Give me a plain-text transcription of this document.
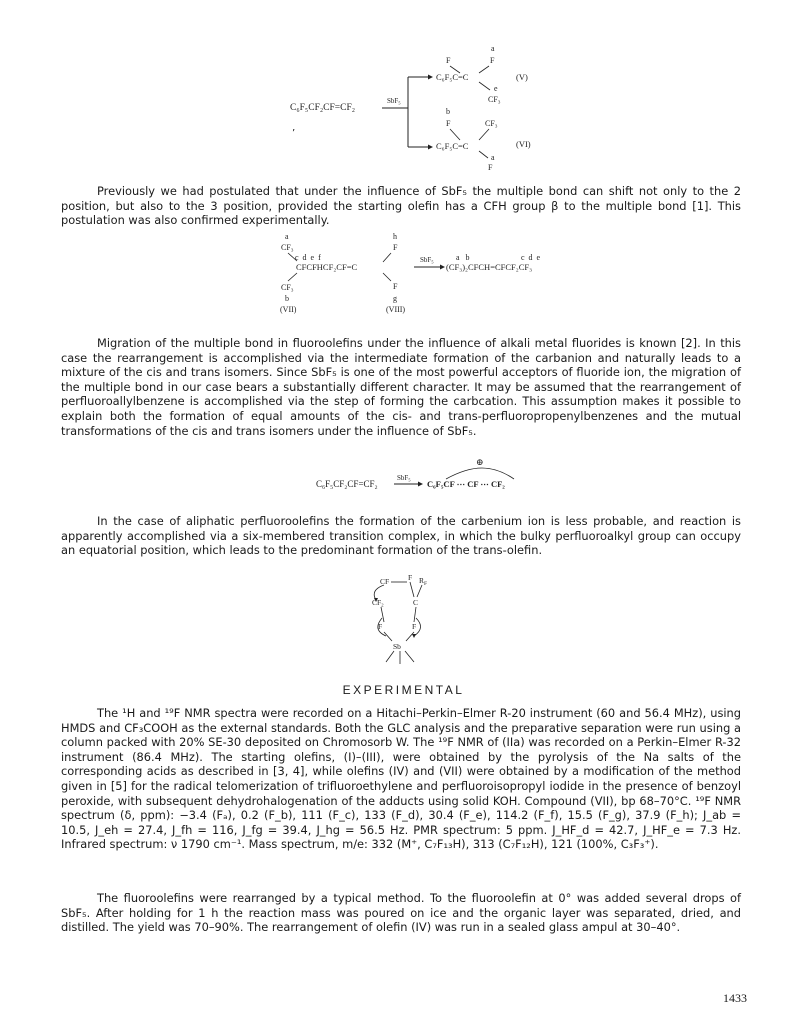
C₆F₅CF₂CF=CF₂
SbF₅
a
F	F
C₆F₅C=C
e
CF₃
(V)
b
F	CF₃
C₆F₅C=C
a
F
(VI)
’

Previously we had postulated that under the influence of SbF₅ the multiple bond can shift not only to the 2 position, but also to the 3 position, provided the starting olefin has a CFH group β to the multiple bond [1]. This postulation was also confirmed experimentally.

a
CF₃
c  d  e  f
CFCFHCF₂CF=C
CF₃
b
(VII)
h
F
F
g
(VIII)
SbF₅	a   b	c  d  e
(CF₃)₂CFCH=CFCF₂CF₃

Migration of the multiple bond in fluoroolefins under the influence of alkali metal fluorides is known [2]. In this case the rearrangement is accomplished via the intermediate formation of the carbanion and naturally leads to a mixture of the cis and trans isomers. Since SbF₅ is one of the most powerful acceptors of fluoride ion, the migration of the multiple bond in our case bears a substantially different character. It may be assumed that the rearrangement of perfluoroallylbenzene is accomplished via the step of forming the carbcation. This assumption makes it possible to explain both the formation of equal amounts of the cis- and trans-perfluoropropenylbenzenes and the mutual transformations of the cis and trans isomers under the influence of SbF₅.

C₆F₅CF₂CF=CF₂
SbF₅
C₆F₅CF ⋯ CF ⋯ CF₂
⊕

In the case of aliphatic perfluoroolefins the formation of the carbenium ion is less probable, and reaction is apparently accomplished via a six-membered transition complex, in which the bulky perfluoroalkyl group can occupy an equatorial position, which leads to the predominant formation of the trans-olefin.

CF	F $R_F$
CF₂	C
F	F
Sb
EXPERIMENTAL

The ¹H and ¹⁹F NMR spectra were recorded on a Hitachi–Perkin–Elmer R-20 instrument (60 and 56.4 MHz), using HMDS and CF₃COOH as the external standards. Both the GLC analysis and the preparative separation were run using a column packed with 20% SE-30 deposited on Chromosorb W. The ¹⁹F NMR of (IIa) was recorded on a Perkin–Elmer R-32 instrument (86.4 MHz). The starting olefins, (I)–(III), were obtained by the pyrolysis of the Na salts of the corresponding acids as described in [3, 4], while olefins (IV) and (VII) were obtained by a modification of the method given in [5] for the radical telomerization of trifluoroethylene and perfluoroisopropyl iodide in the presence of benzoyl peroxide, with subsequent dehydrohalogenation of the adducts using solid KOH. Compound (VII), bp 68–70°C. ¹⁹F NMR spectrum (δ, ppm): −3.4 (Fₐ), 0.2 (F_b), 111 (F_c), 133 (F_d), 30.4 (F_e), 114.2 (F_f), 15.5 (F_g), 37.9 (F_h); J_ab = 10.5, J_eh = 27.4, J_fh = 116, J_fg = 39.4, J_hg = 56.5 Hz. PMR spectrum: 5 ppm. J_HF_d = 42.7, J_HF_e = 7.3 Hz. Infrared spectrum: ν 1790 cm⁻¹. Mass spectrum, m/e: 332 (M⁺, C₇F₁₃H), 313 (C₇F₁₂H), 121 (100%, C₃F₃⁺).

The fluoroolefins were rearranged by a typical method. To the fluoroolefin at 0° was added several drops of SbF₅. After holding for 1 h the reaction mass was poured on ice and the organic layer was separated, dried, and distilled. The yield was 70–90%. The rearrangement of olefin (IV) was run in a sealed glass ampul at 30–40°.

1433
